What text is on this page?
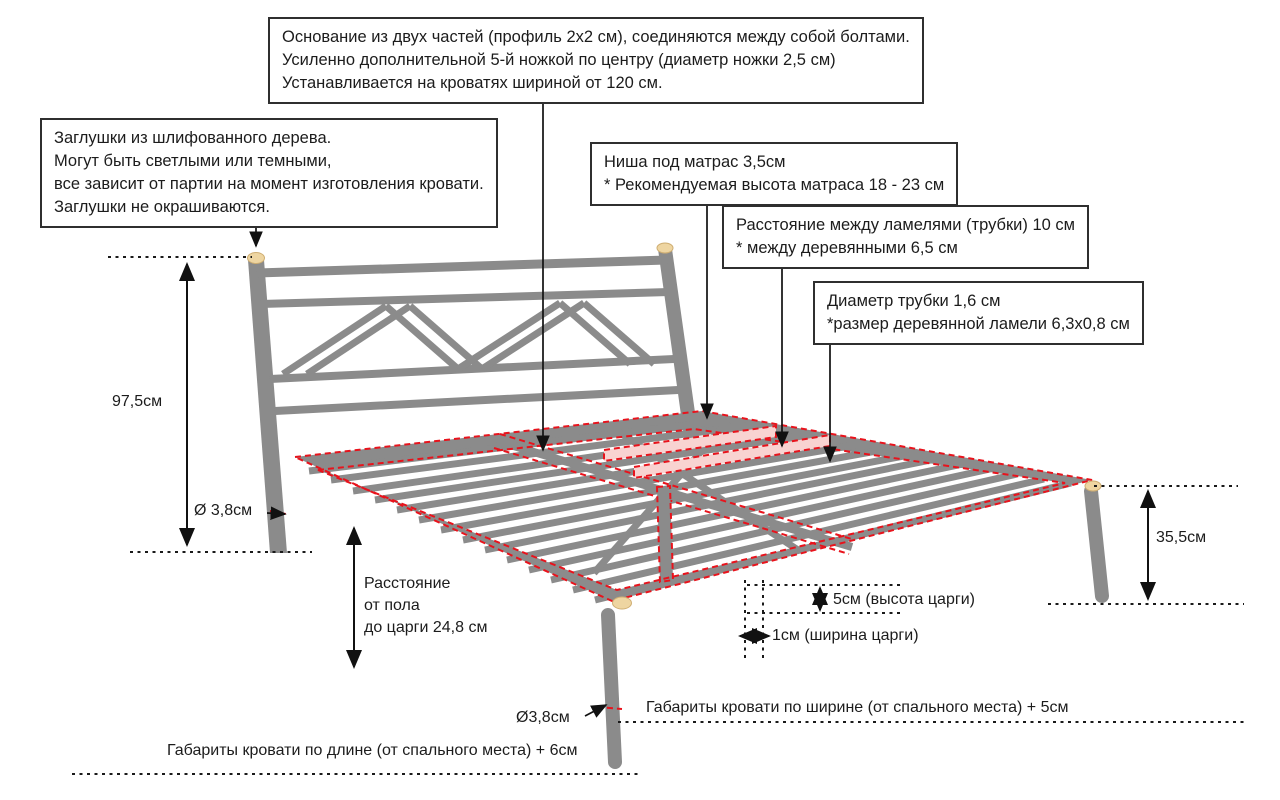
Основание из двух частей (профиль 2х2 см), соединяются между собой болтами.
Усиленно дополнительной 5-й ножкой по центру (диаметр ножки 2,5 см)
Устанавливается на кроватях шириной от 120 см.
Заглушки из шлифованного дерева.
Могут быть светлыми или темными,
все зависит от партии на момент изготовления кровати.
Заглушки не окрашиваются.
Ниша под матрас 3,5см
* Рекомендуемая высота матраса 18 - 23 см
Расстояние между ламелями (трубки) 10 см
* между деревянными 6,5 см
Диаметр трубки 1,6 см
*размер деревянной ламели 6,3х0,8 см
97,5см
Ø 3,8см
Расстояние
от пола
до царги 24,8 см
35,5см
5см (высота царги)
1см (ширина царги)
Ø3,8см
Габариты кровати по ширине (от спального места) + 5см
Габариты кровати по длине (от спального места) + 6см
